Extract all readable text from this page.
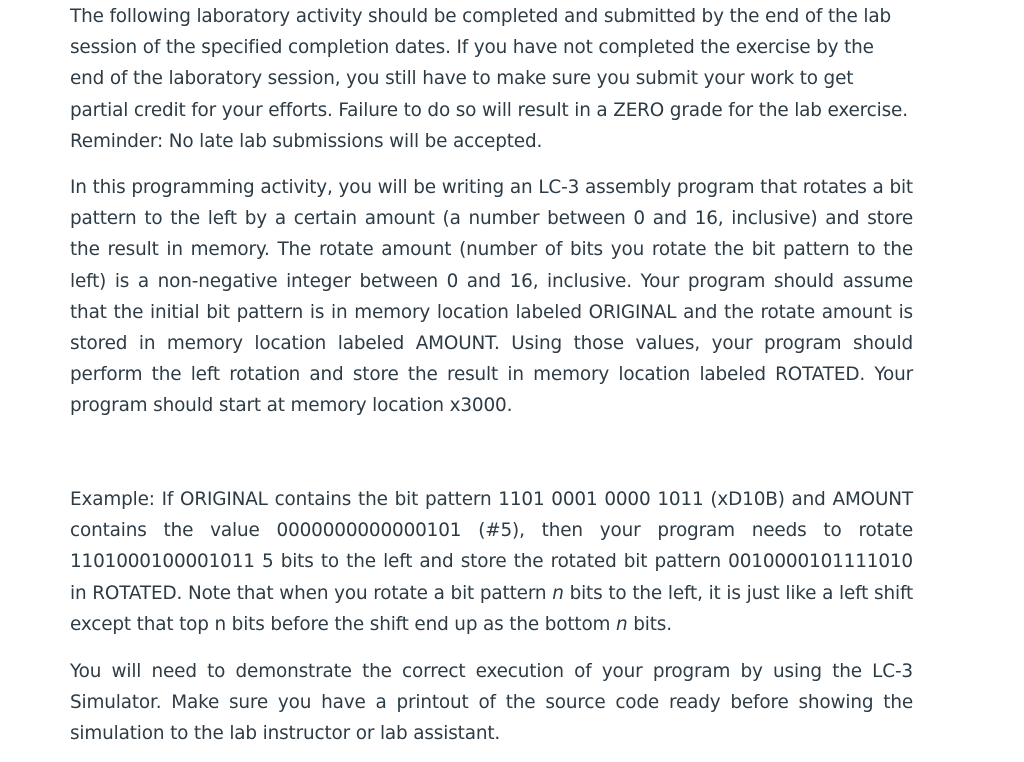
The following laboratory activity should be completed and submitted by the end of the lab session of the specified completion dates. If you have not completed the exercise by the end of the laboratory session, you still have to make sure you submit your work to get partial credit for your efforts. Failure to do so will result in a ZERO grade for the lab exercise. Reminder: No late lab submissions will be accepted.

In this programming activity, you will be writing an LC-3 assembly program that rotates a bit pattern to the left by a certain amount (a number between 0 and 16, inclusive) and store the result in memory. The rotate amount (number of bits you rotate the bit pattern to the left) is a non-negative integer between 0 and 16, inclusive. Your program should assume that the initial bit pattern is in memory location labeled ORIGINAL and the rotate amount is stored in memory location labeled AMOUNT. Using those values, your program should perform the left rotation and store the result in memory location labeled ROTATED. Your program should start at memory location x3000.

Example: If ORIGINAL contains the bit pattern 1101 0001 0000 1011 (xD10B) and AMOUNT contains the value 0000000000000101 (#5), then your program needs to rotate 1101000100001011 5 bits to the left and store the rotated bit pattern 0010000101111010 in ROTATED. Note that when you rotate a bit pattern n bits to the left, it is just like a left shift except that top n bits before the shift end up as the bottom n bits.

You will need to demonstrate the correct execution of your program by using the LC-3 Simulator. Make sure you have a printout of the source code ready before showing the simulation to the lab instructor or lab assistant.
